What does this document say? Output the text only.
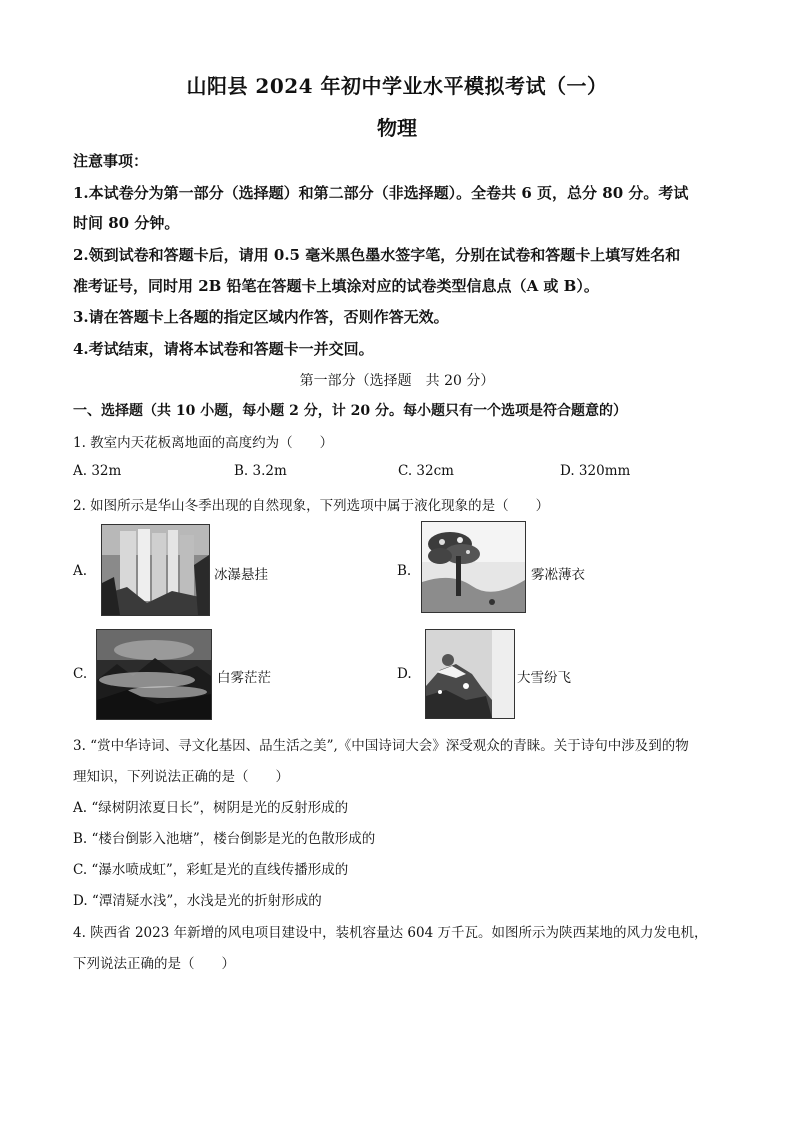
山阳县 2024 年初中学业水平模拟考试（一）
物理
注意事项：
1.本试卷分为第一部分（选择题）和第二部分（非选择题）。全卷共 6 页，总分 80 分。考试
时间 80 分钟。
2.领到试卷和答题卡后，请用 0.5 毫米黑色墨水签字笔，分别在试卷和答题卡上填写姓名和
准考证号，同时用 2B 铅笔在答题卡上填涂对应的试卷类型信息点（A 或 B）。
3.请在答题卡上各题的指定区域内作答，否则作答无效。
4.考试结束，请将本试卷和答题卡一并交回。
第一部分（选择题　共 20 分）
一、选择题（共 10 小题，每小题 2 分，计 20 分。每小题只有一个选项是符合题意的）
1. 教室内天花板离地面的高度约为（　　）
A. 32m	B. 3.2m	C. 32cm	D. 320mm
2. 如图所示是华山冬季出现的自然现象，下列选项中属于液化现象的是（　　）
A.	冰瀑悬挂	B.	雾凇薄衣
C.	白雾茫茫	D.	大雪纷飞
3. “赏中华诗词、寻文化基因、品生活之美”,《中国诗词大会》深受观众的青睐。关于诗句中涉及到的物
理知识，下列说法正确的是（　　）
A. “绿树阴浓夏日长”，树阴是光的反射形成的
B. “楼台倒影入池塘”，楼台倒影是光的色散形成的
C. “瀑水喷成虹”，彩虹是光的直线传播形成的
D. “潭清疑水浅”，水浅是光的折射形成的
4. 陕西省 2023 年新增的风电项目建设中，装机容量达 604 万千瓦。如图所示为陕西某地的风力发电机，
下列说法正确的是（　　）
